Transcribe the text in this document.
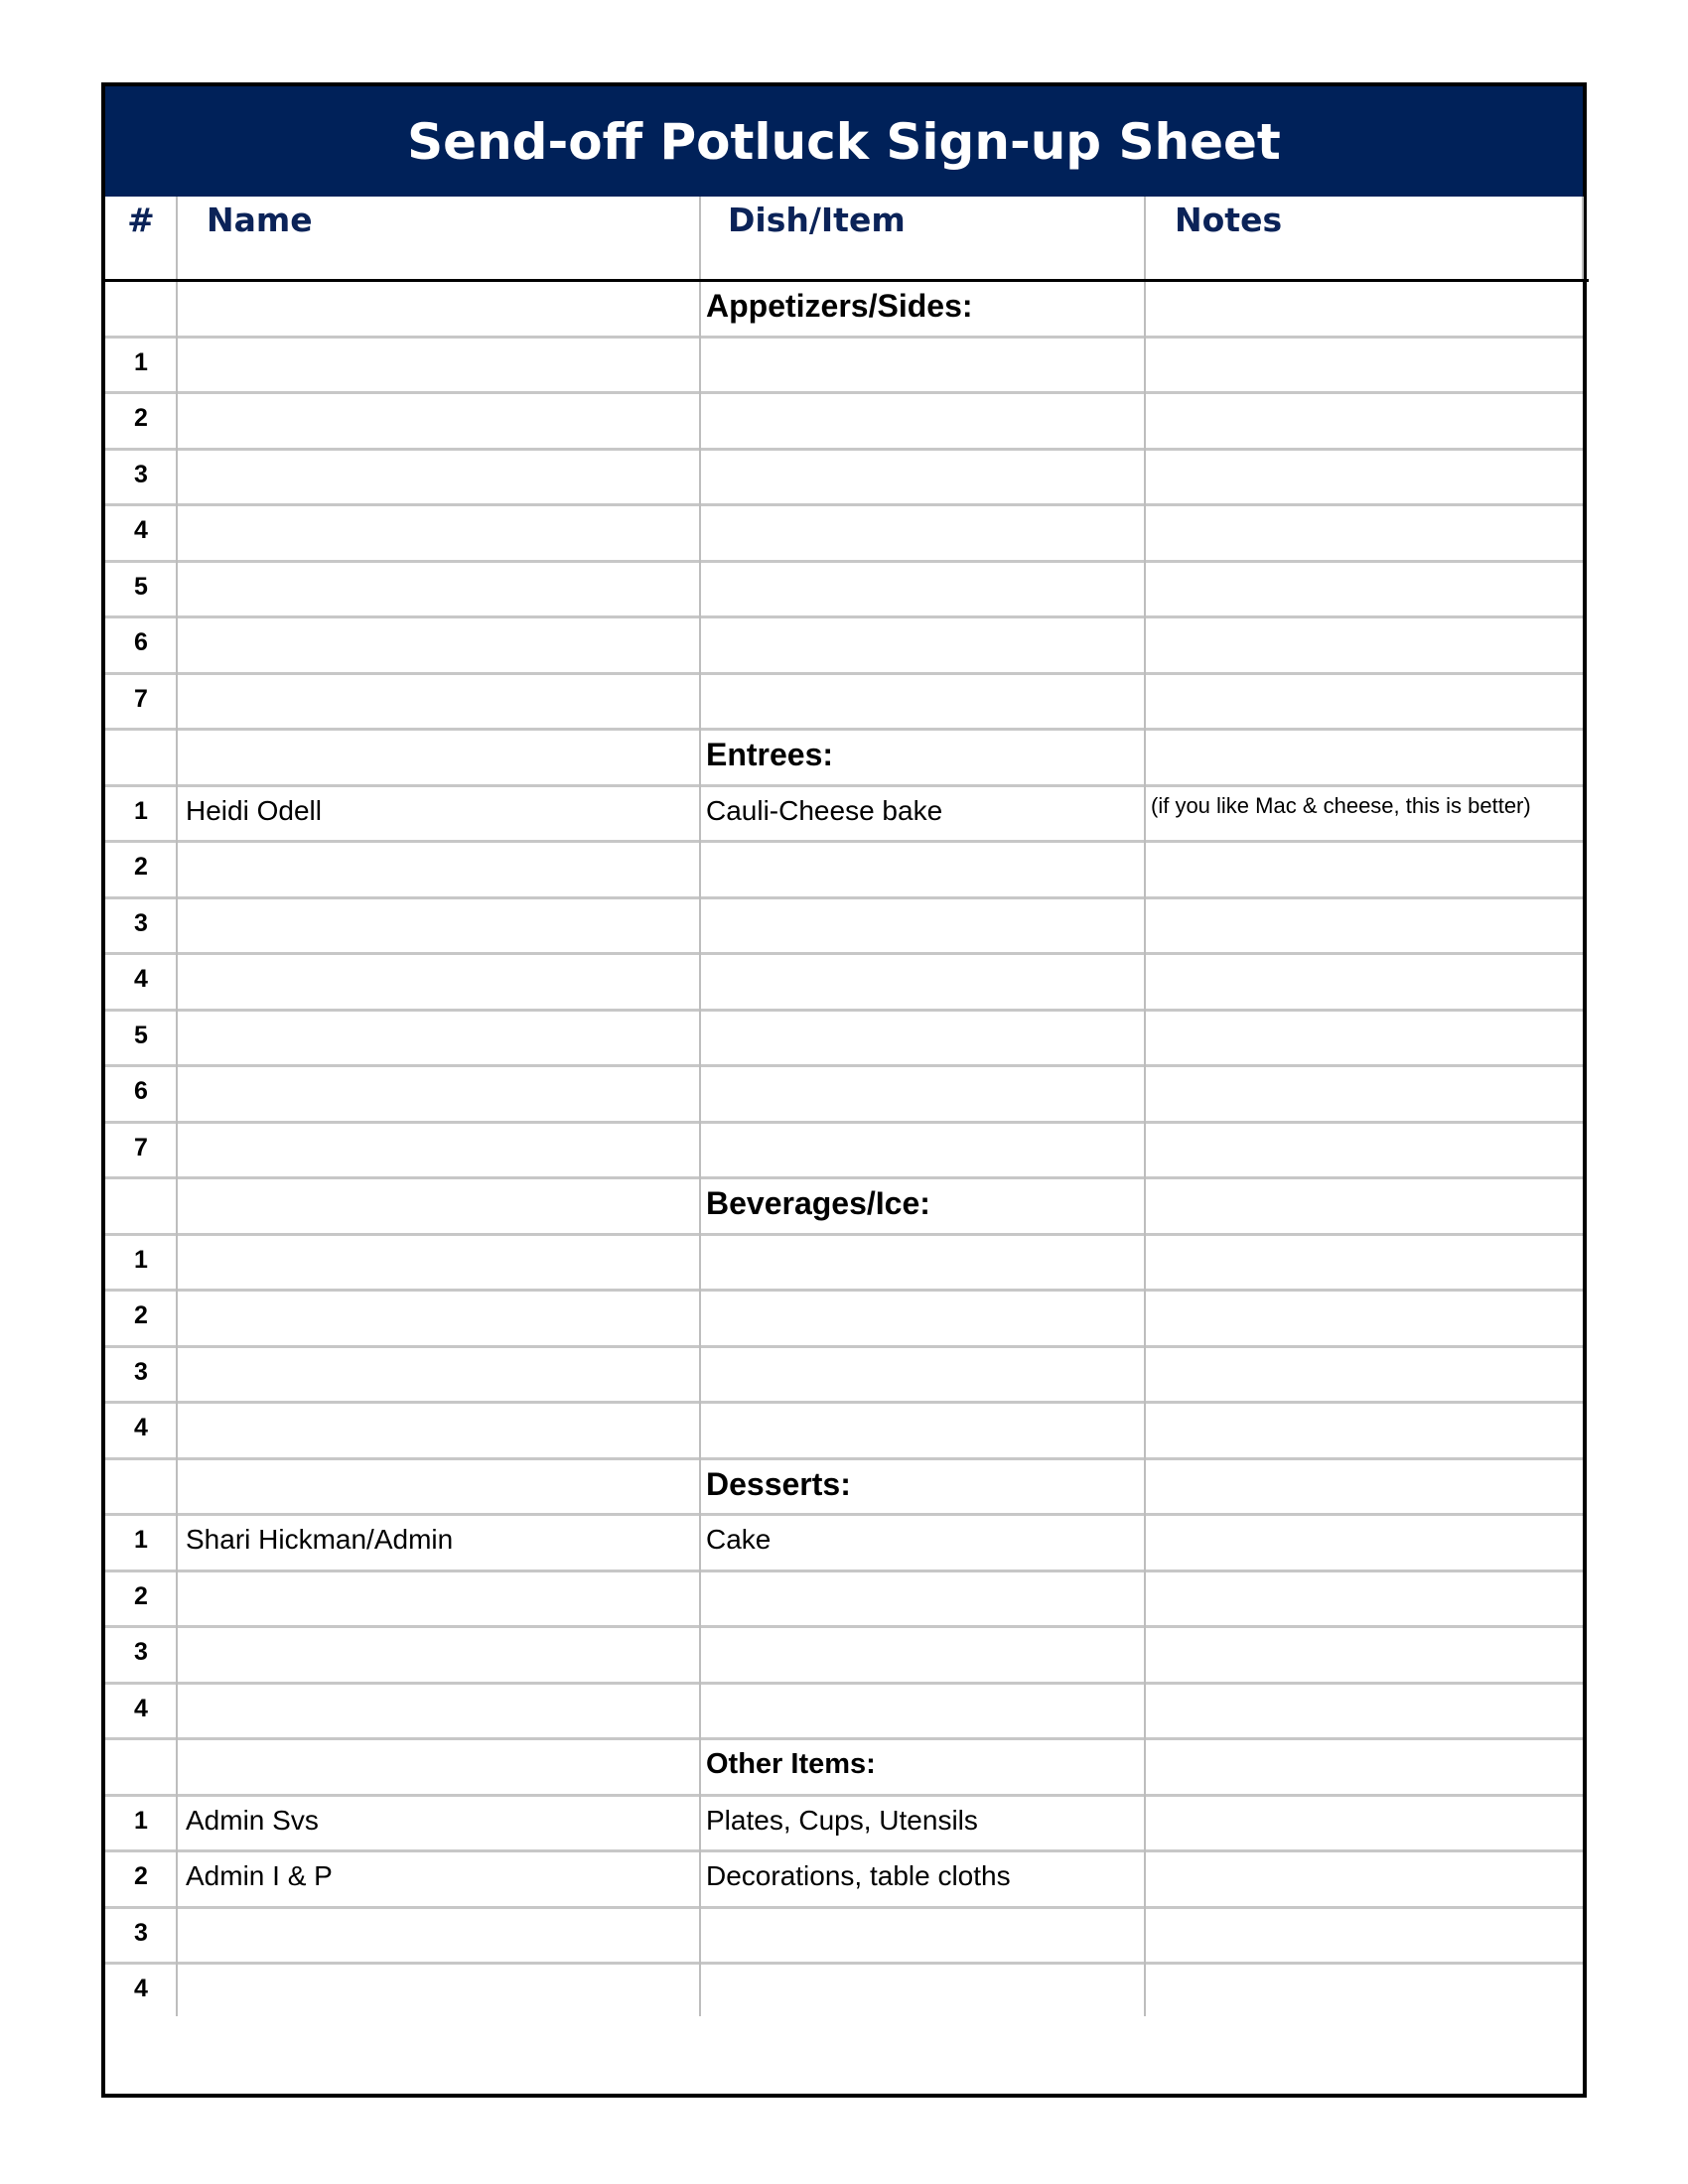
Send-off Potluck Sign-up Sheet
#	Name	Dish/Item	Notes
Appetizers/Sides:
1
2
3
4
5
6
7
Entrees:
1	Heidi Odell	Cauli-Cheese bake	(if you like Mac & cheese, this is better)
2
3
4
5
6
7
Beverages/Ice:
1
2
3
4
Desserts:
1	Shari Hickman/Admin	Cake
2
3
4
Other Items:
1	Admin Svs	Plates, Cups, Utensils
2	Admin I & P	Decorations, table cloths
3
4
